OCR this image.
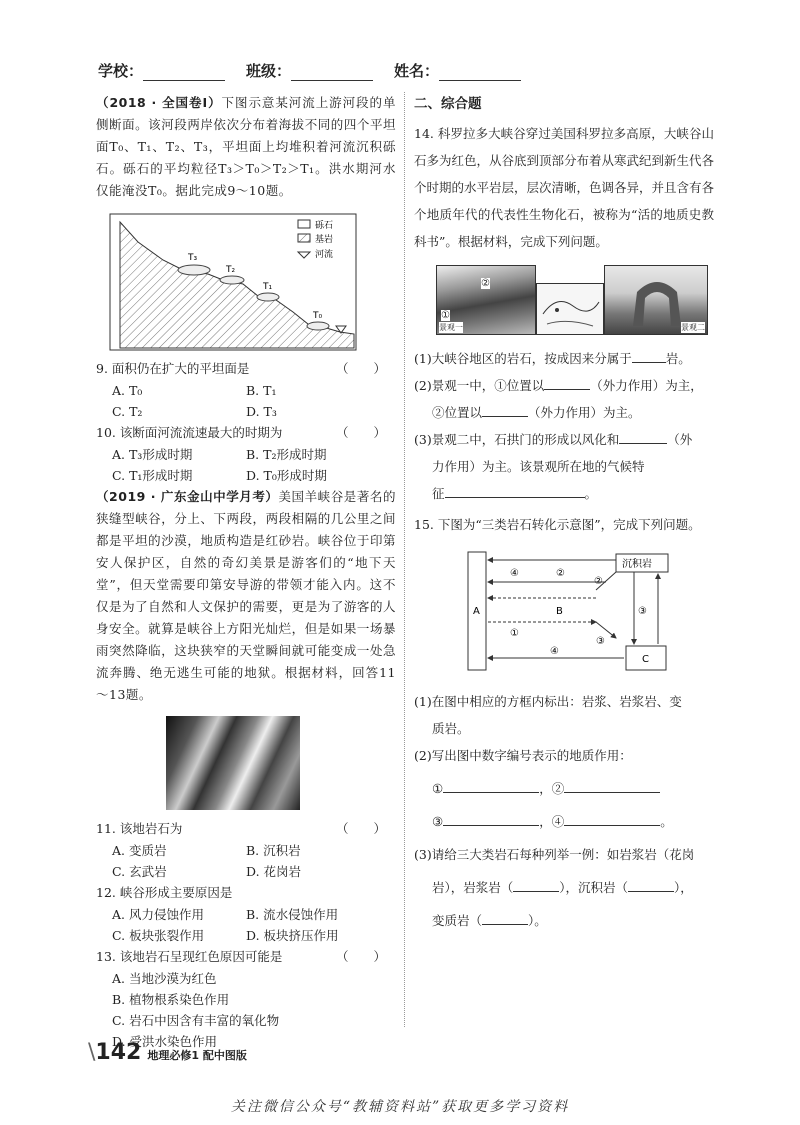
学校：	班级：	姓名：

（2018 · 全国卷Ⅰ）下图示意某河流上游河段的单侧断面。该河段两岸依次分布着海拔不同的四个平坦面T₀、T₁、T₂、T₃，平坦面上均堆积着河流沉积砾石。砾石的平均粒径T₃＞T₀＞T₂＞T₁。洪水期河水仅能淹没T₀。据此完成9～10题。

T₃
T₂
T₁
T₀
砾石
基岩
河流
9. 面积仍在扩大的平坦面是	（　　）
A. T₀	B. T₁
C. T₂	D. T₃
10. 该断面河流流速最大的时期为	（　　）
A. T₃形成时期	B. T₂形成时期
C. T₁形成时期	D. T₀形成时期

（2019 · 广东金山中学月考）美国羊峡谷是著名的狭缝型峡谷，分上、下两段，两段相隔的几公里之间都是平坦的沙漠，地质构造是红砂岩。峡谷位于印第安人保护区，自然的奇幻美景是游客们的“地下天堂”，但天堂需要印第安导游的带领才能入内。这不仅是为了自然和人文保护的需要，更是为了游客的人身安全。就算是峡谷上方阳光灿烂，但是如果一场暴雨突然降临，这块狭窄的天堂瞬间就可能变成一处急流奔腾、绝无逃生可能的地狱。根据材料，回答11～13题。

11. 该地岩石为	（　　）
A. 变质岩	B. 沉积岩
C. 玄武岩	D. 花岗岩
12. 峡谷形成主要原因是
A. 风力侵蚀作用	B. 流水侵蚀作用
C. 板块张裂作用	D. 板块挤压作用
13. 该地岩石呈现红色原因可能是	（　　）
A. 当地沙漠为红色
B. 植物根系染色作用
C. 岩石中因含有丰富的氧化物
D. 受洪水染色作用
二、综合题

14. 科罗拉多大峡谷穿过美国科罗拉多高原，大峡谷山石多为红色，从谷底到顶部分布着从寒武纪到新生代各个时期的水平岩层，层次清晰，色调各异，并且含有各个地质年代的代表性生物化石，被称为“活的地质史教科书”。根据材料，完成下列问题。

②
①
景观一	景观二

(1)大峡谷地区的岩石，按成因来分属于	岩。

(2)景观一中，①位置以	（外力作用）为主，

②位置以	（外力作用）为主。

(3)景观二中，石拱门的形成以风化和	（外

力作用）为主。该景观所在地的气候特

征	。

15. 下图为“三类岩石转化示意图”，完成下列问题。

A
沉积岩
B
C
④	②
②
③
①
③
④

(1)在图中相应的方框内标出：岩浆、岩浆岩、变

质岩。

(2)写出图中数字编号表示的地质作用：

①	，②

③	，④	。

(3)请给三大类岩石每种列举一例：如岩浆岩（花岗

岩），岩浆岩（	），沉积岩（	），

变质岩（	）。

\142 地理必修1 配中图版
关注微信公众号“教辅资料站”获取更多学习资料
